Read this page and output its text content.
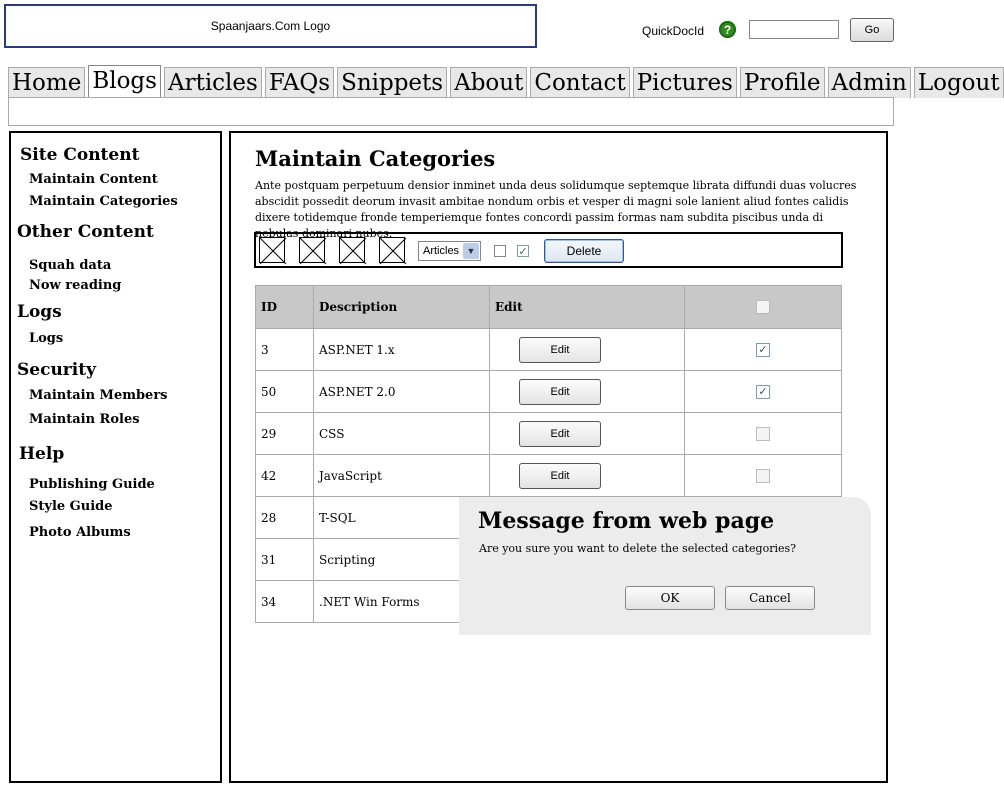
Spaanjaars.Com Logo	QuickDocId	?	Go
Home Blogs Articles FAQs Snippets About Contact Pictures Profile Admin Logout
Site Content
Maintain Content
Maintain Categories
Other Content
Squah data
Now reading
Logs
Logs
Security
Maintain Members
Maintain Roles
Help
Publishing Guide
Style Guide
Photo Albums
Maintain Categories
Ante postquam perpetuum densior inminet unda deus solidumque septemque librata diffundi duas volucres abscidit possedit deorum invasit ambitae nondum orbis et vesper di magni sole lanient aliud fontes calidis dixere totidemque fronde temperiemque fontes concordi passim formas nam subdita piscibus unda di nebulas dominari nubes.
Articles ▼	✓	Delete
ID	Description	Edit	

3	ASP.NET 1.x	Edit	✓

50	ASP.NET 2.0	Edit	✓

29	CSS	Edit	

42	JavaScript	Edit	

28	T-SQL		
31	Scripting		
34	.NET Win Forms		
Message from web page
Are you sure you want to delete the selected categories?
OK	Cancel
